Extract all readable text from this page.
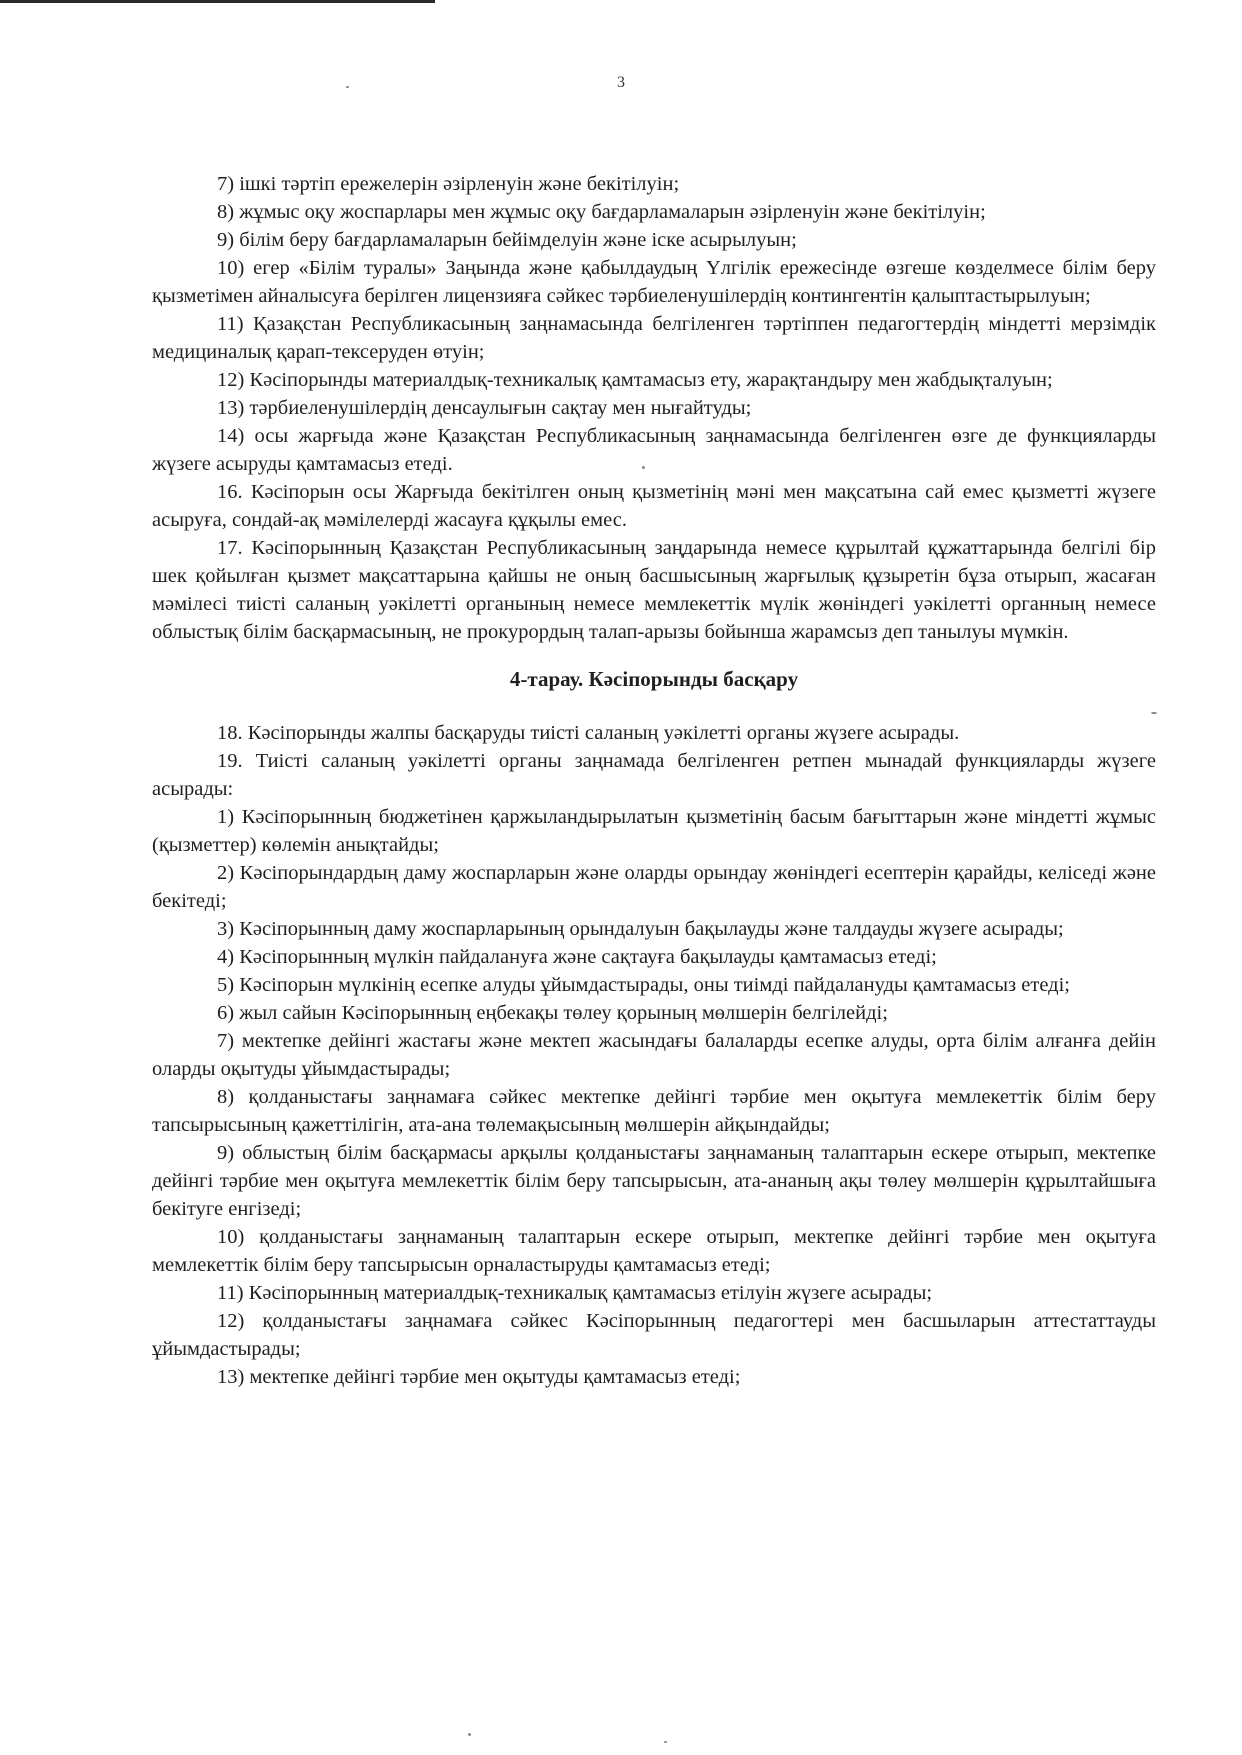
3

7) ішкі тәртіп ережелерін әзірленуін және бекітілуін;

8) жұмыс оқу жоспарлары мен жұмыс оқу бағдарламаларын әзірленуін және бекітілуін;

9) білім беру бағдарламаларын бейімделуін және іске асырылуын;

10) егер «Білім туралы» Заңында және қабылдаудың Үлгілік ережесінде өзгеше көзделмесе білім беру қызметімен айналысуға берілген лицензияға сәйкес тәрбиеленушілердің контингентін қалыптастырылуын;

11) Қазақстан Республикасының заңнамасында белгіленген тәртіппен педагогтердің міндетті мерзімдік медициналық қарап-тексеруден өтуін;

12) Кәсіпорынды материалдық-техникалық қамтамасыз ету, жарақтандыру мен жабдықталуын;

13) тәрбиеленушілердің денсаулығын сақтау мен нығайтуды;

14) осы жарғыда және Қазақстан Республикасының заңнамасында белгіленген өзге де функцияларды жүзеге асыруды қамтамасыз етеді.

16. Кәсіпорын осы Жарғыда бекітілген оның қызметінің мәні мен мақсатына сай емес қызметті жүзеге асыруға, сондай-ақ мәмілелерді жасауға құқылы емес.

17. Кәсіпорынның Қазақстан Республикасының заңдарында немесе құрылтай құжаттарында белгілі бір шек қойылған қызмет мақсаттарына қайшы не оның басшысының жарғылық құзыретін бұза отырып, жасаған мәмілесі тиісті саланың уәкілетті органының немесе мемлекеттік мүлік жөніндегі уәкілетті органның немесе облыстық білім басқармасының, не прокурордың талап-арызы бойынша жарамсыз деп танылуы мүмкін.

4-тарау. Кәсіпорынды басқару

18. Кәсіпорынды жалпы басқаруды тиісті саланың уәкілетті органы жүзеге асырады.

19. Тиісті саланың уәкілетті органы заңнамада белгіленген ретпен мынадай функцияларды жүзеге асырады:

1) Кәсіпорынның бюджетінен қаржыландырылатын қызметінің басым бағыттарын және міндетті жұмыс (қызметтер) көлемін анықтайды;

2) Кәсіпорындардың даму жоспарларын және оларды орындау жөніндегі есептерін қарайды, келіседі және бекітеді;

3) Кәсіпорынның даму жоспарларының орындалуын бақылауды және талдауды жүзеге асырады;

4) Кәсіпорынның мүлкін пайдалануға және сақтауға бақылауды қамтамасыз етеді;

5) Кәсіпорын мүлкінің есепке алуды ұйымдастырады, оны тиімді пайдалануды қамтамасыз етеді;

6) жыл сайын Кәсіпорынның еңбекақы төлеу қорының мөлшерін белгілейді;

7) мектепке дейінгі жастағы және мектеп жасындағы балаларды есепке алуды, орта білім алғанға дейін оларды оқытуды ұйымдастырады;

8) қолданыстағы заңнамаға сәйкес мектепке дейінгі тәрбие мен оқытуға мемлекеттік білім беру тапсырысының қажеттілігін, ата-ана төлемақысының мөлшерін айқындайды;

9) облыстың білім басқармасы арқылы қолданыстағы заңнаманың талаптарын ескере отырып, мектепке дейінгі тәрбие мен оқытуға мемлекеттік білім беру тапсырысын, ата-ананың ақы төлеу мөлшерін құрылтайшыға бекітуге енгізеді;

10) қолданыстағы заңнаманың талаптарын ескере отырып, мектепке дейінгі тәрбие мен оқытуға мемлекеттік білім беру тапсырысын орналастыруды қамтамасыз етеді;

11) Кәсіпорынның материалдық-техникалық қамтамасыз етілуін жүзеге асырады;

12) қолданыстағы заңнамаға сәйкес Кәсіпорынның педагогтері мен басшыларын аттестаттауды ұйымдастырады;

13) мектепке дейінгі тәрбие мен оқытуды қамтамасыз етеді;
